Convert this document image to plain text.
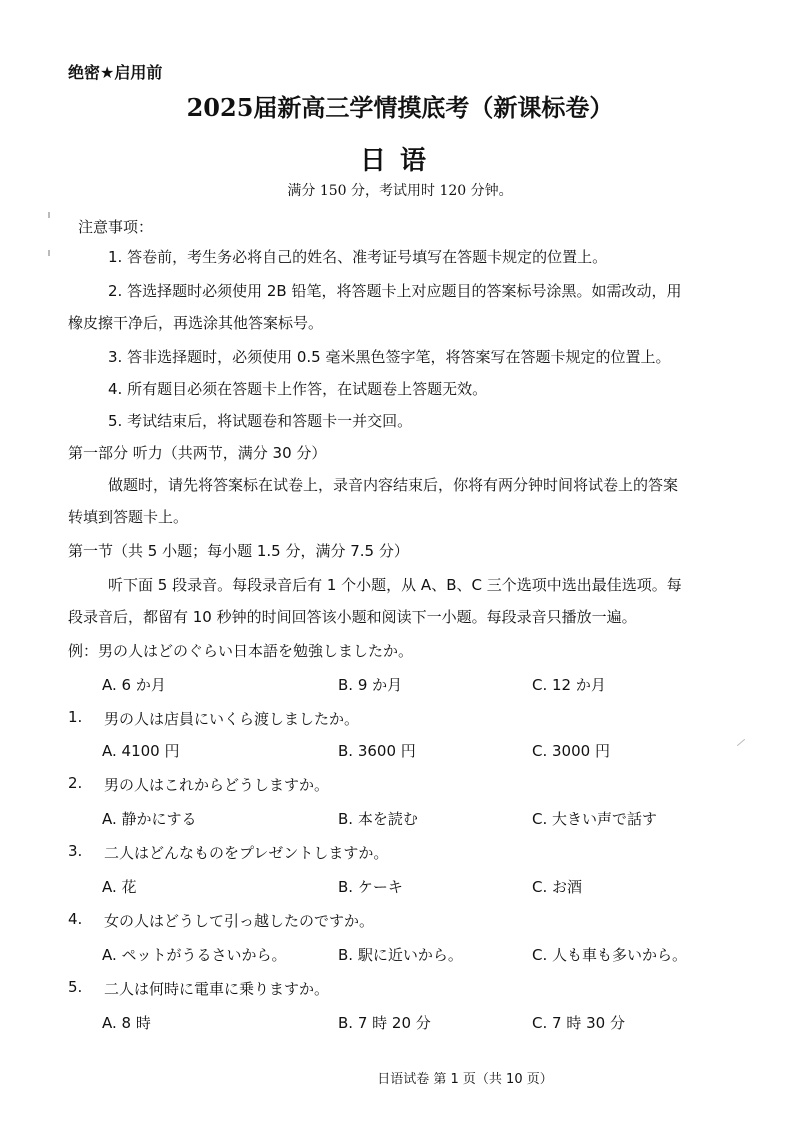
绝密★启用前
2025届新高三学情摸底考（新课标卷）
日语
满分 150 分，考试用时 120 分钟。
注意事项：
1. 答卷前，考生务必将自己的姓名、准考证号填写在答题卡规定的位置上。
2. 答选择题时必须使用 2B 铅笔，将答题卡上对应题目的答案标号涂黑。如需改动，用
橡皮擦干净后，再选涂其他答案标号。
3. 答非选择题时，必须使用 0.5 毫米黑色签字笔，将答案写在答题卡规定的位置上。
4. 所有题目必须在答题卡上作答，在试题卷上答题无效。
5. 考试结束后，将试题卷和答题卡一并交回。
第一部分 听力（共两节，满分 30 分）
做题时，请先将答案标在试卷上，录音内容结束后，你将有两分钟时间将试卷上的答案
转填到答题卡上。
第一节（共 5 小题；每小题 1.5 分，满分 7.5 分）
听下面 5 段录音。每段录音后有 1 个小题，从 A、B、C 三个选项中选出最佳选项。每
段录音后，都留有 10 秒钟的时间回答该小题和阅读下一小题。每段录音只播放一遍。
例：男の人はどのぐらい日本語を勉強しましたか。
A. 6 か月	B. 9 か月	C. 12 か月
1. 男の人は店員にいくら渡しましたか。
A. 4100 円	B. 3600 円	C. 3000 円
2. 男の人はこれからどうしますか。
A. 静かにする	B. 本を読む	C. 大きい声で話す
3. 二人はどんなものをプレゼントしますか。
A. 花	B. ケーキ	C. お酒
4. 女の人はどうして引っ越したのですか。
A. ペットがうるさいから。	B. 駅に近いから。	C. 人も車も多いから。
5. 二人は何時に電車に乗りますか。
A. 8 時	B. 7 時 20 分	C. 7 時 30 分
日语试卷 第 1 页（共 10 页）
